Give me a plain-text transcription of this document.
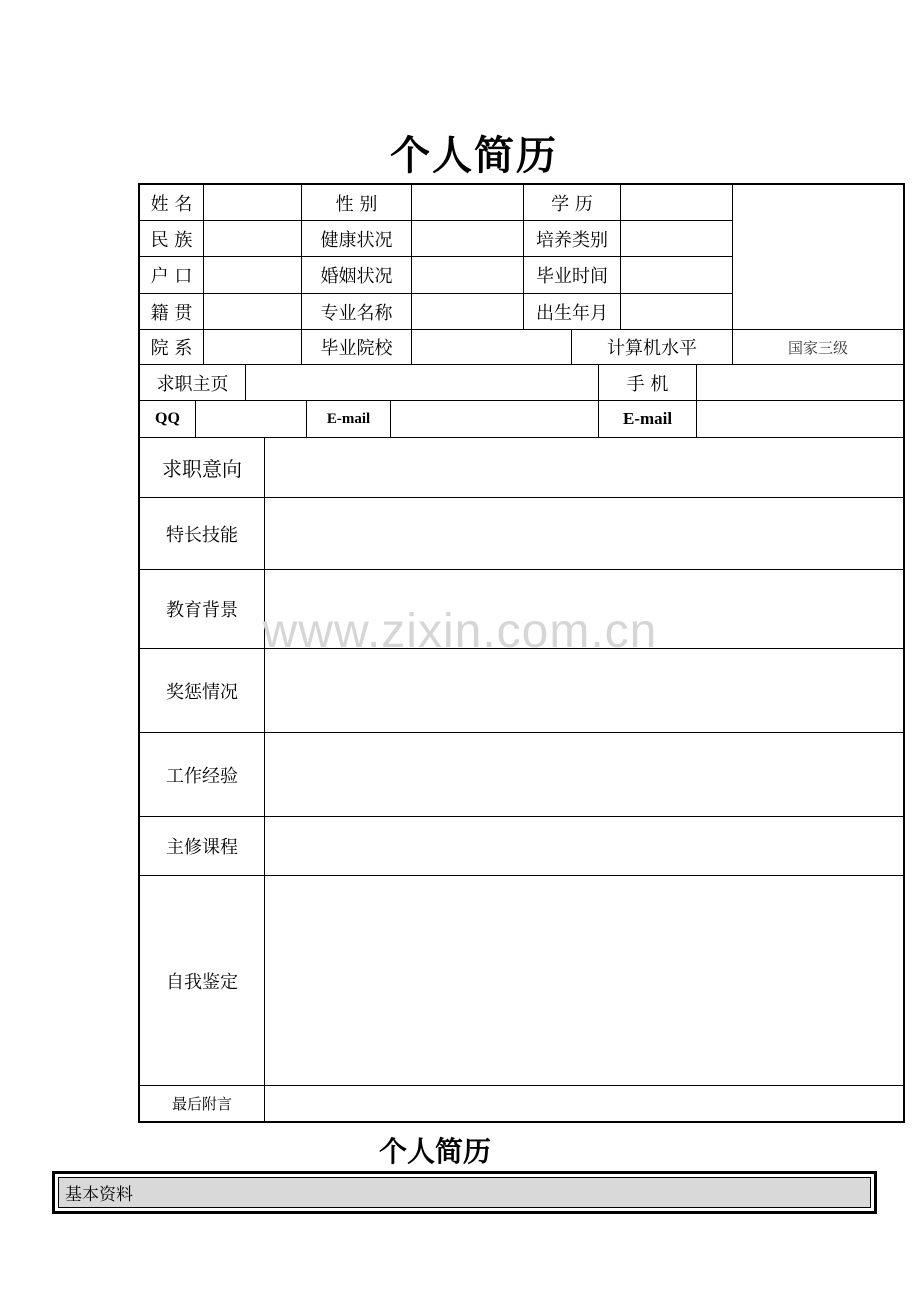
个人简历
姓 名	性 别	学 历
民 族	健康状况	培养类别
户 口	婚姻状况	毕业时间
籍 贯	专业名称	出生年月
院 系	毕业院校	计算机水平	国家三级
求职主页	手 机
QQ	E-mail	E-mail
求职意向
特长技能
教育背景
奖惩情况
工作经验
主修课程
自我鉴定
最后附言
www.zixin.com.cn
个人简历
基本资料
